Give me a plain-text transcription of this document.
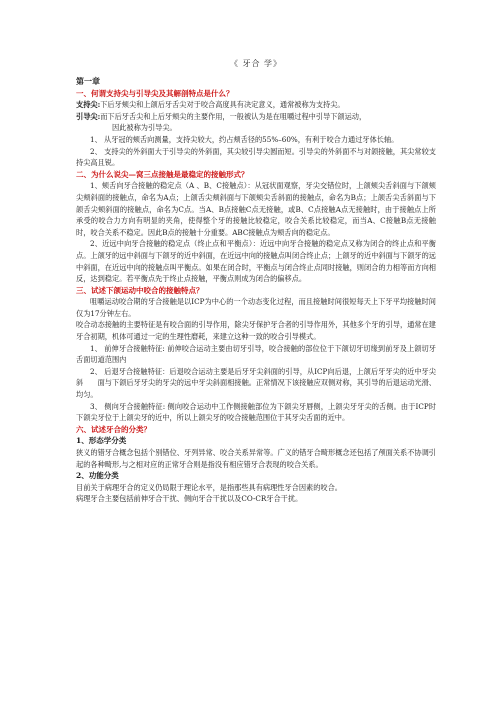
《 牙合 学》
第一章
一、何谓支持尖与引导尖及其解剖特点是什么？

支持尖:下后牙颊尖和上颌后牙舌尖对于咬合高度具有决定意义，通常被称为支持尖。

引导尖:而下后牙舌尖和上后牙颊尖的主要作用，一般被认为是在咀嚼过程中引导下颌运动，

因此被称为引导尖。

1、 从牙冠的颊舌向测量，支持尖较大，约占颊舌径的55%–60%，有利于咬合力通过牙体长轴。

2、 支持尖的外斜面大于引导尖的外斜面，其尖较引导尖圆而短。引导尖的外斜面不与对颌接触，其尖常较支持尖高且锐。

二、为什么说尖—窝三点接触是最稳定的接触形式？

1、颊舌向牙合接触的稳定点（A 、B、C接触点）：从冠状面观察，牙尖交错位时，上颌颊尖舌斜面与下颌颊尖颊斜面的接触点，命名为A点；上颌舌尖颊斜面与下颌颊尖舌斜面的接触点，命名为B点；上颌舌尖舌斜面与下颌舌尖颊斜面的接触点，命名为C点。当A、B点接触C点无接触，或B、C点接触A点无接触时，由于接触点上所承受的咬合力方向有明显的夹角，使得整个牙的接触比较稳定，咬合关系比较稳定，而当A、C接触B点无接触时，咬合关系不稳定。因此B点的接触十分重要。ABC接触点为颊舌向的稳定点。

2、近远中向牙合接触的稳定点（终止点和平衡点）：近远中向牙合接触的稳定点又称为闭合的终止点和平衡点。上颌牙的远中斜面与下颌牙的近中斜面，在近远中向的接触点叫闭合终止点；上颌牙的近中斜面与下颌牙的远中斜面，在近远中向的接触点叫平衡点。如果在闭合时，平衡点与闭合终止点同时接触，则闭合的力相等而方向相反，达到稳定。若平衡点先于终止点接触，平衡点则成为闭合的偏移点。

三、试述下颌运动中咬合的接触特点？

咀嚼运动咬合期的牙合接触是以ICP为中心的一个动态变化过程，而且接触时间很短每天上下牙平均接触时间仅为17分钟左右。

咬合动态接触的主要特征是有咬合面的引导作用，除尖牙保护牙合者的引导作用外，其他多个牙的引导，通常在建牙合初期，机体可通过一定的生理性磨耗，来建立这种一致的咬合引导模式。

1、 前伸牙合接触特征: 前伸咬合运动主要由切牙引导，咬合接触的部位位于下颌切牙切缘到前牙及上颌切牙舌面切道范围内

2、 后退牙合接触特征：后退咬合运动主要是后牙牙尖斜面的引导，从ICP向后退，上颌后牙牙尖的近中牙尖斜　　面与下颌后牙牙尖的牙尖的远中牙尖斜面相接触。正常情况下该接触应双侧对称，其引导的后退运动光滑、均匀。

3、 侧向牙合接触特征: 侧向咬合运动中工作侧接触部位为下颌尖牙唇侧，上颌尖牙牙尖的舌侧。由于ICP时下颌尖牙位于上颌尖牙的近中，所以上颌尖牙的咬合接触范围位于其牙尖舌面的近中。

六、试述牙合的分类？
1、形态学分类

狭义的错牙合概念包括个别错位、牙列异常、咬合关系异常等。广义的错牙合畸形概念还包括了颅面关系不协调引起的各种畸形,与之相对应的正常牙合则是指没有相应错牙合表现的咬合关系。

2、功能分类

目前关于病理牙合的定义仍局限于理论水平，是指那些具有病理性牙合因素的咬合。

病理牙合主要包括前伸牙合干扰、侧向牙合干扰以及CO-CR牙合干扰。
